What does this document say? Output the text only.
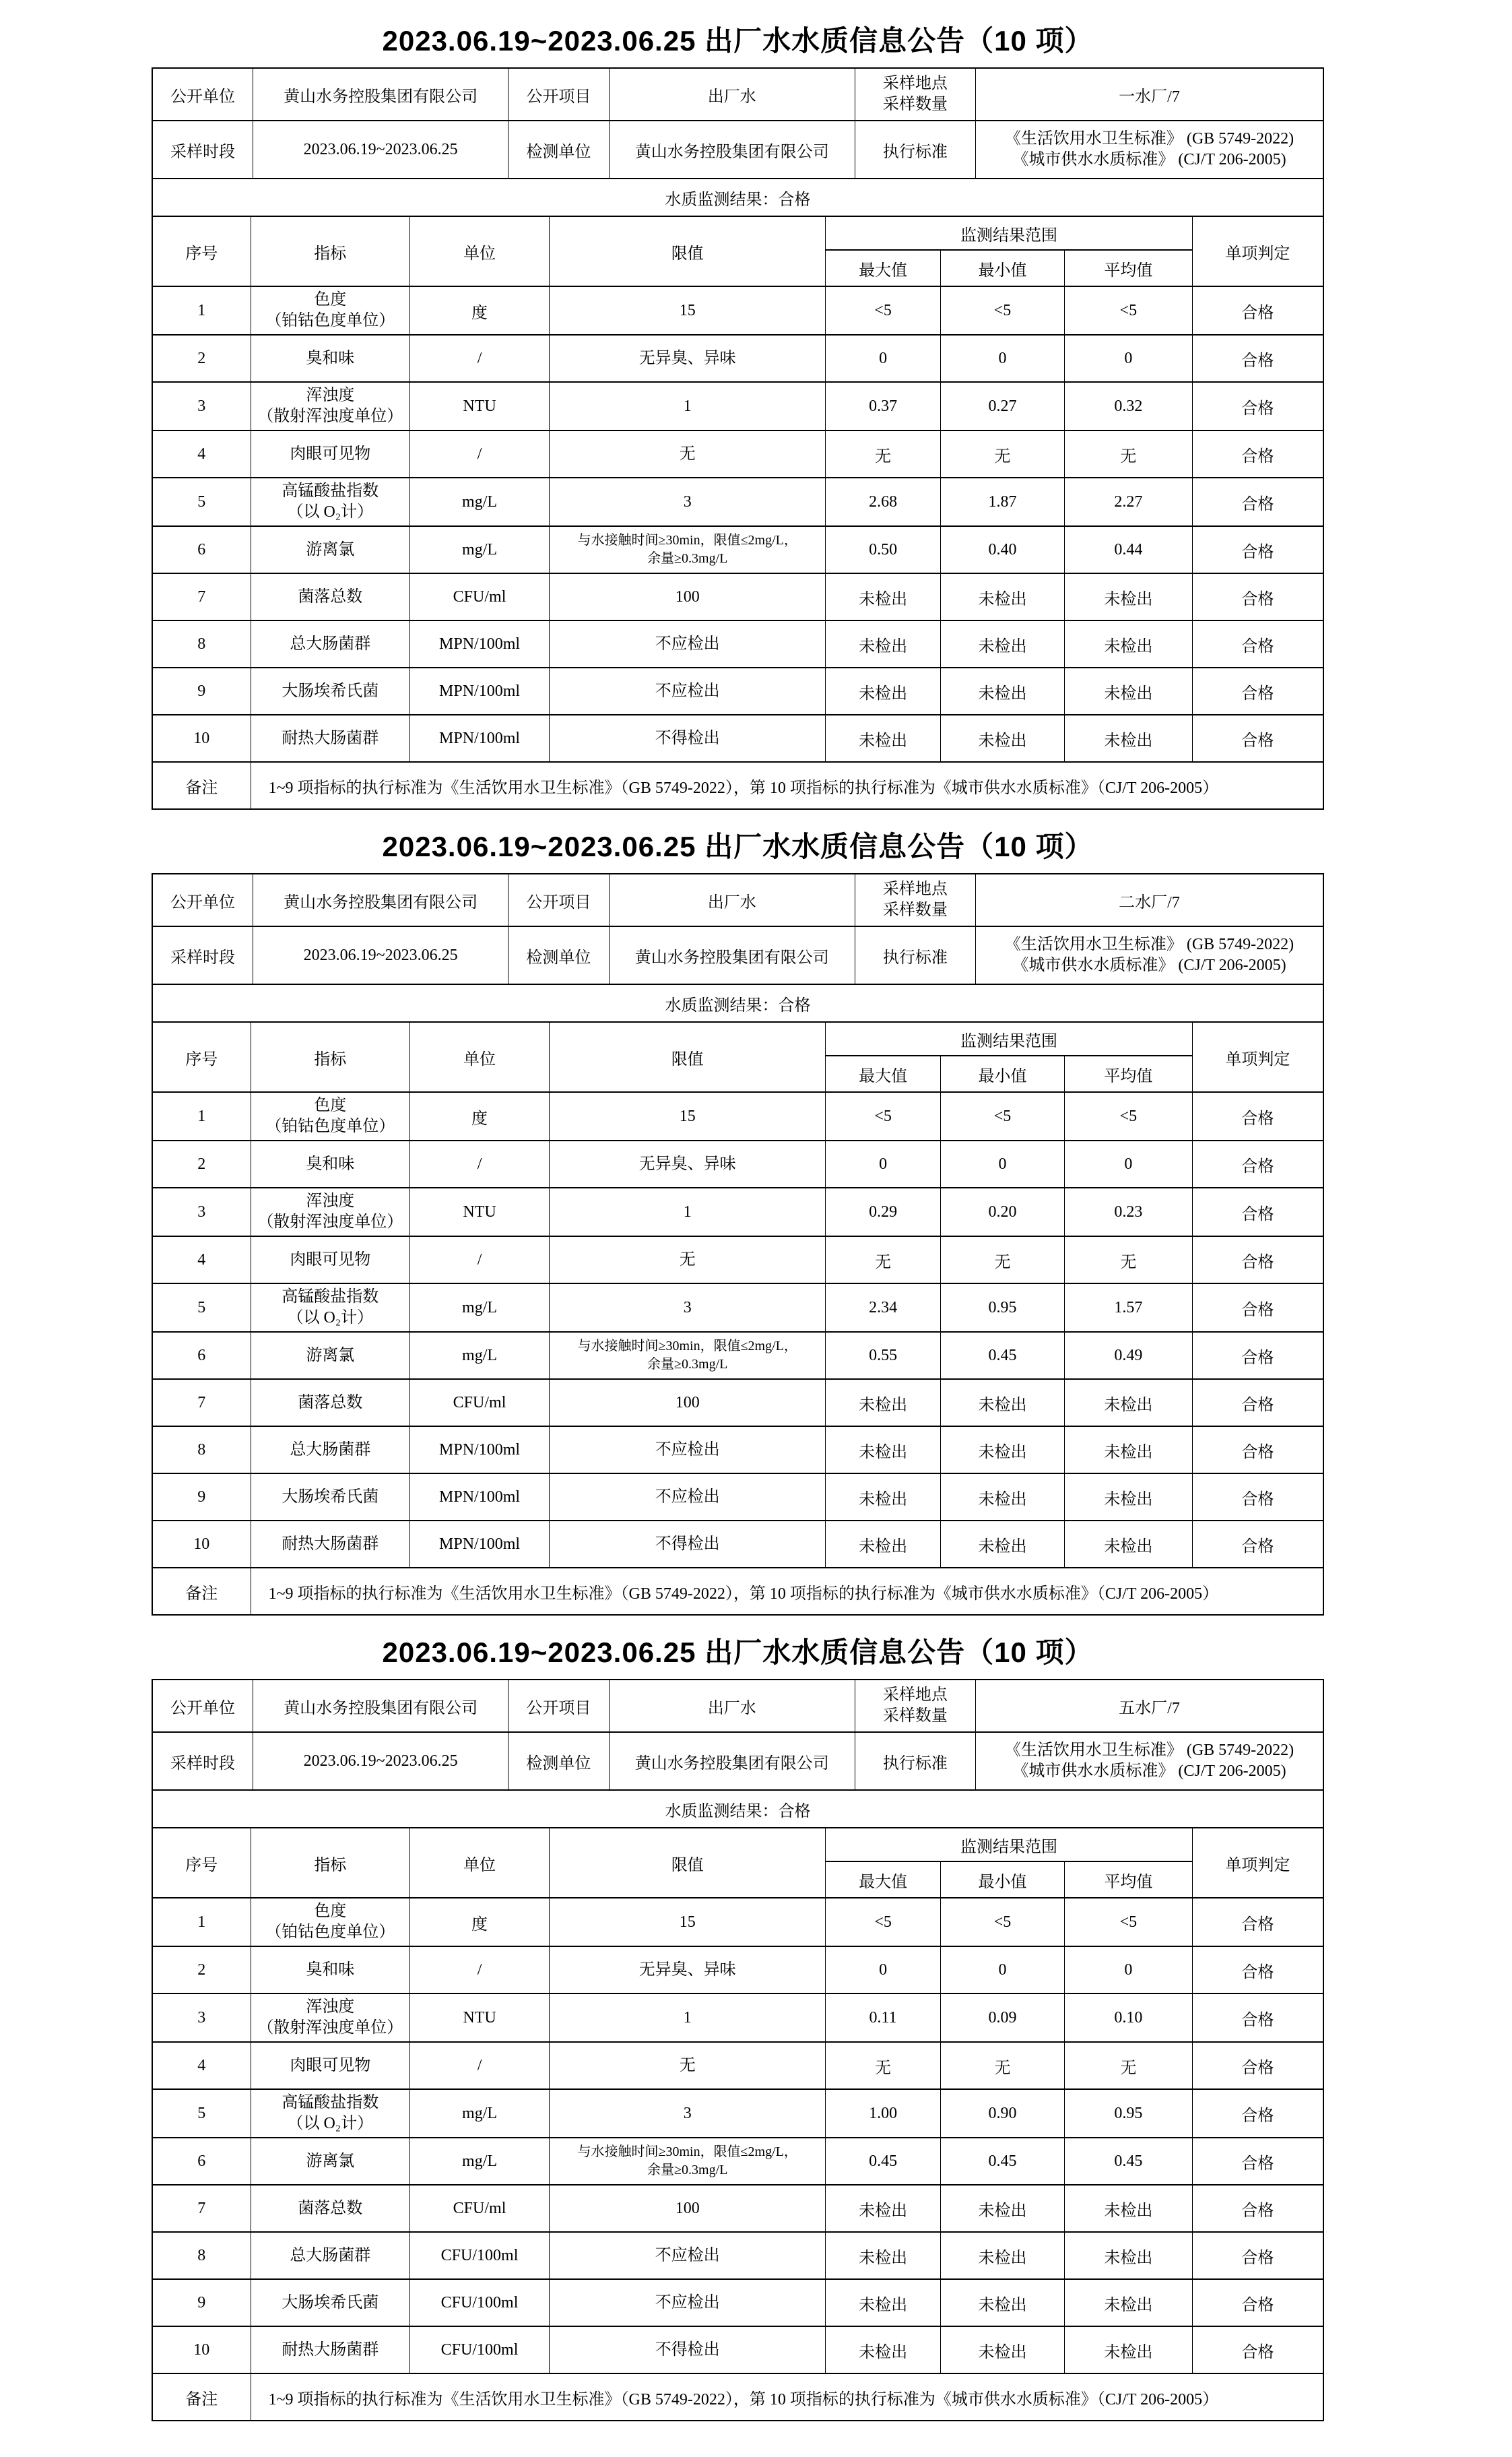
2023.06.19~2023.06.25 出厂水水质信息公告（10 项）
公开单位	黄山水务控股集团有限公司	公开项目	出厂水	采样地点
采样数量	一水厂/7
采样时段	2023.06.19~2023.06.25	检测单位	黄山水务控股集团有限公司	执行标准	《生活饮用水卫生标准》 (GB 5749-2022)
《城市供水水质标准》 (CJ/T 206-2005)

水质监测结果：合格					
序号	指标	单位	限值	监测结果范围			单项判定
				最大值	最小值	平均值	
1	色度
（铂钴色度单位）	度	15	<5	<5	<5	合格
2	臭和味	/	无异臭、异味	0	0	0	合格
3	浑浊度
（散射浑浊度单位）	NTU	1	0.37	0.27	0.32	合格
4	肉眼可见物	/	无	无	无	无	合格
5	高锰酸盐指数
（以 O₂计）	mg/L	3	2.68	1.87	2.27	合格
6	游离氯	mg/L	与水接触时间≥30min，限值≤2mg/L，
余量≥0.3mg/L	0.50	0.40	0.44	合格
7	菌落总数	CFU/ml	100	未检出	未检出	未检出	合格
8	总大肠菌群	MPN/100ml	不应检出	未检出	未检出	未检出	合格
9	大肠埃希氏菌	MPN/100ml	不应检出	未检出	未检出	未检出	合格
10	耐热大肠菌群	MPN/100ml	不得检出	未检出	未检出	未检出	合格
备注	1~9 项指标的执行标准为《生活饮用水卫生标准》（GB 5749-2022），第 10 项指标的执行标准为《城市供水水质标准》（CJ/T 206-2005）						
2023.06.19~2023.06.25 出厂水水质信息公告（10 项）
公开单位	黄山水务控股集团有限公司	公开项目	出厂水	采样地点
采样数量	二水厂/7
采样时段	2023.06.19~2023.06.25	检测单位	黄山水务控股集团有限公司	执行标准	《生活饮用水卫生标准》 (GB 5749-2022)
《城市供水水质标准》 (CJ/T 206-2005)

水质监测结果：合格					
序号	指标	单位	限值	监测结果范围			单项判定
				最大值	最小值	平均值	
1	色度
（铂钴色度单位）	度	15	<5	<5	<5	合格
2	臭和味	/	无异臭、异味	0	0	0	合格
3	浑浊度
（散射浑浊度单位）	NTU	1	0.29	0.20	0.23	合格
4	肉眼可见物	/	无	无	无	无	合格
5	高锰酸盐指数
（以 O₂计）	mg/L	3	2.34	0.95	1.57	合格
6	游离氯	mg/L	与水接触时间≥30min，限值≤2mg/L，
余量≥0.3mg/L	0.55	0.45	0.49	合格
7	菌落总数	CFU/ml	100	未检出	未检出	未检出	合格
8	总大肠菌群	MPN/100ml	不应检出	未检出	未检出	未检出	合格
9	大肠埃希氏菌	MPN/100ml	不应检出	未检出	未检出	未检出	合格
10	耐热大肠菌群	MPN/100ml	不得检出	未检出	未检出	未检出	合格
备注	1~9 项指标的执行标准为《生活饮用水卫生标准》（GB 5749-2022），第 10 项指标的执行标准为《城市供水水质标准》（CJ/T 206-2005）						
2023.06.19~2023.06.25 出厂水水质信息公告（10 项）
公开单位	黄山水务控股集团有限公司	公开项目	出厂水	采样地点
采样数量	五水厂/7
采样时段	2023.06.19~2023.06.25	检测单位	黄山水务控股集团有限公司	执行标准	《生活饮用水卫生标准》 (GB 5749-2022)
《城市供水水质标准》 (CJ/T 206-2005)

水质监测结果：合格					
序号	指标	单位	限值	监测结果范围			单项判定
				最大值	最小值	平均值	
1	色度
（铂钴色度单位）	度	15	<5	<5	<5	合格
2	臭和味	/	无异臭、异味	0	0	0	合格
3	浑浊度
（散射浑浊度单位）	NTU	1	0.11	0.09	0.10	合格
4	肉眼可见物	/	无	无	无	无	合格
5	高锰酸盐指数
（以 O₂计）	mg/L	3	1.00	0.90	0.95	合格
6	游离氯	mg/L	与水接触时间≥30min，限值≤2mg/L，
余量≥0.3mg/L	0.45	0.45	0.45	合格
7	菌落总数	CFU/ml	100	未检出	未检出	未检出	合格
8	总大肠菌群	CFU/100ml	不应检出	未检出	未检出	未检出	合格
9	大肠埃希氏菌	CFU/100ml	不应检出	未检出	未检出	未检出	合格
10	耐热大肠菌群	CFU/100ml	不得检出	未检出	未检出	未检出	合格
备注	1~9 项指标的执行标准为《生活饮用水卫生标准》（GB 5749-2022），第 10 项指标的执行标准为《城市供水水质标准》（CJ/T 206-2005）						
